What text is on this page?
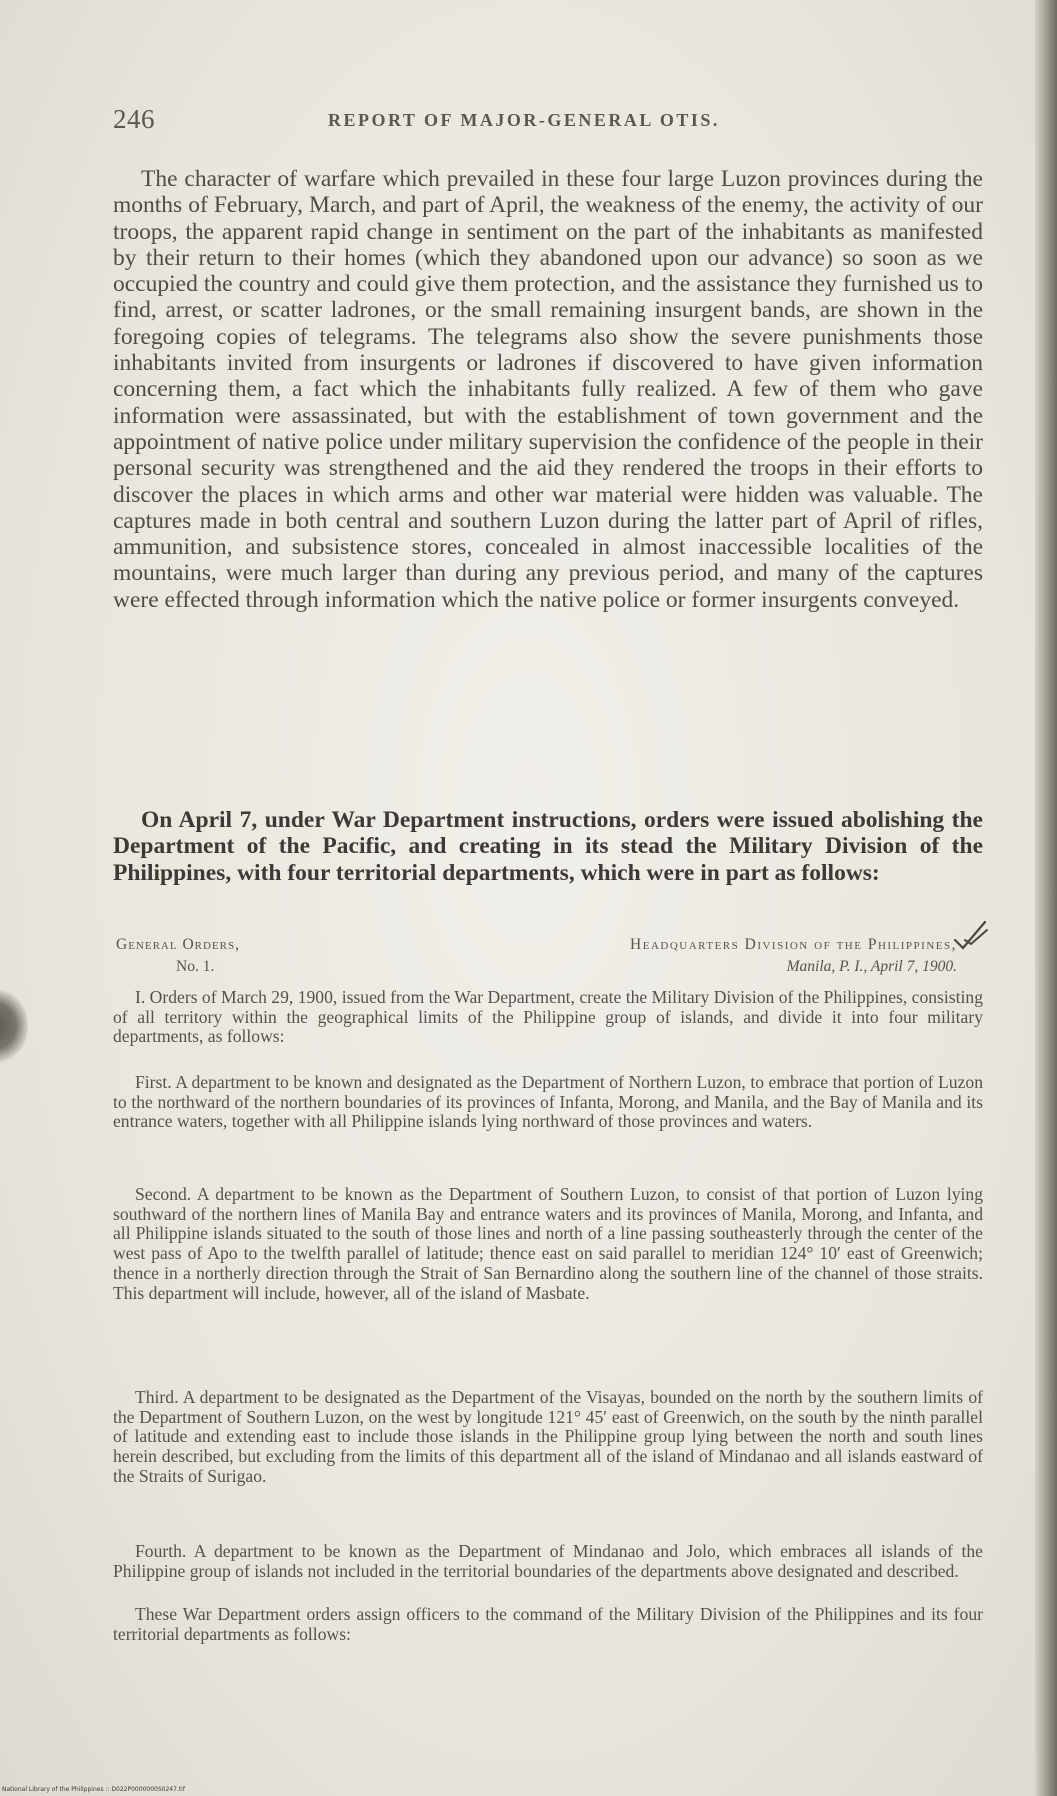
246	REPORT OF MAJOR-GENERAL OTIS.

The character of warfare which prevailed in these four large Luzon provinces during the months of February, March, and part of April, the weakness of the enemy, the activity of our troops, the apparent rapid change in sentiment on the part of the inhabitants as manifested by their return to their homes (which they abandoned upon our advance) so soon as we occupied the country and could give them protection, and the assistance they furnished us to find, arrest, or scatter ladrones, or the small remaining insurgent bands, are shown in the foregoing copies of telegrams. The telegrams also show the severe punishments those inhabitants invited from insurgents or ladrones if discovered to have given information concerning them, a fact which the inhabitants fully realized. A few of them who gave information were assassinated, but with the establishment of town government and the appointment of native police under military supervision the confidence of the people in their personal security was strengthened and the aid they rendered the troops in their efforts to discover the places in which arms and other war material were hidden was valuable. The captures made in both central and southern Luzon during the latter part of April of rifles, ammunition, and subsistence stores, concealed in almost inaccessible localities of the mountains, were much larger than during any previous period, and many of the captures were effected through information which the native police or former insurgents conveyed.

On April 7, under War Department instructions, orders were issued abolishing the Department of the Pacific, and creating in its stead the Military Division of the Philippines, with four territorial departments, which were in part as follows:

General Orders,
No. 1.
Headquarters Division of the Philippines,
Manila, P. I., April 7, 1900.

I. Orders of March 29, 1900, issued from the War Department, create the Military Division of the Philippines, consisting of all territory within the geographical limits of the Philippine group of islands, and divide it into four military departments, as follows:

First. A department to be known and designated as the Department of Northern Luzon, to embrace that portion of Luzon to the northward of the northern boundaries of its provinces of Infanta, Morong, and Manila, and the Bay of Manila and its entrance waters, together with all Philippine islands lying northward of those provinces and waters.

Second. A department to be known as the Department of Southern Luzon, to consist of that portion of Luzon lying southward of the northern lines of Manila Bay and entrance waters and its provinces of Manila, Morong, and Infanta, and all Philippine islands situated to the south of those lines and north of a line passing southeasterly through the center of the west pass of Apo to the twelfth parallel of latitude; thence east on said parallel to meridian 124° 10′ east of Greenwich; thence in a northerly direction through the Strait of San Bernardino along the southern line of the channel of those straits. This department will include, however, all of the island of Masbate.

Third. A department to be designated as the Department of the Visayas, bounded on the north by the southern limits of the Department of Southern Luzon, on the west by longitude 121° 45′ east of Greenwich, on the south by the ninth parallel of latitude and extending east to include those islands in the Philippine group lying between the north and south lines herein described, but excluding from the limits of this department all of the island of Mindanao and all islands eastward of the Straits of Surigao.

Fourth. A department to be known as the Department of Mindanao and Jolo, which embraces all islands of the Philippine group of islands not included in the territorial boundaries of the departments above designated and described.

These War Department orders assign officers to the command of the Military Division of the Philippines and its four territorial departments as follows:

National Library of the Philippines :: D022P0000000S0247.tif
